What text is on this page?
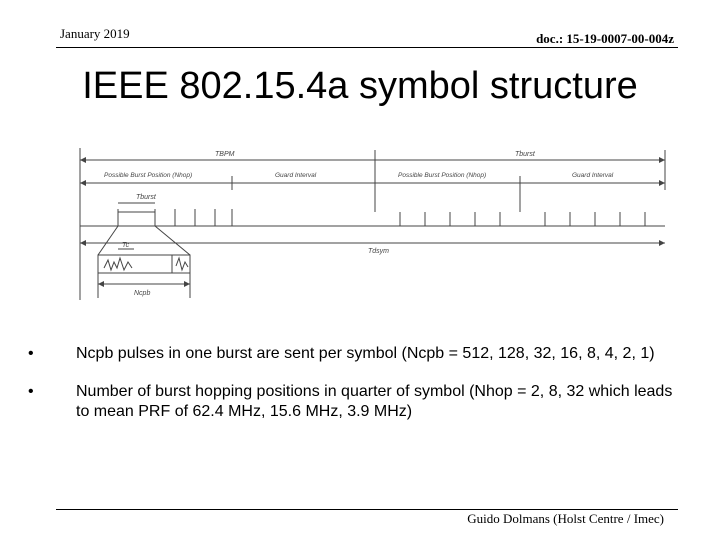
January 2019	doc.: 15-19-0007-00-004z
IEEE 802.15.4a symbol structure
TBPM	Tburst
Possible Burst Position (Nhop)	Guard Interval	Possible Burst Position (Nhop)	Guard Interval
Tburst
Tc
Tdsym
Ncpb
•	Ncpb pulses in one burst are sent per symbol (Ncpb = 512, 128, 32, 16, 8, 4, 2, 1)
•	Number of burst hopping positions in quarter of symbol (Nhop = 2, 8, 32 which leads to mean PRF of 62.4 MHz, 15.6 MHz, 3.9 MHz)
Guido Dolmans (Holst Centre / Imec)
